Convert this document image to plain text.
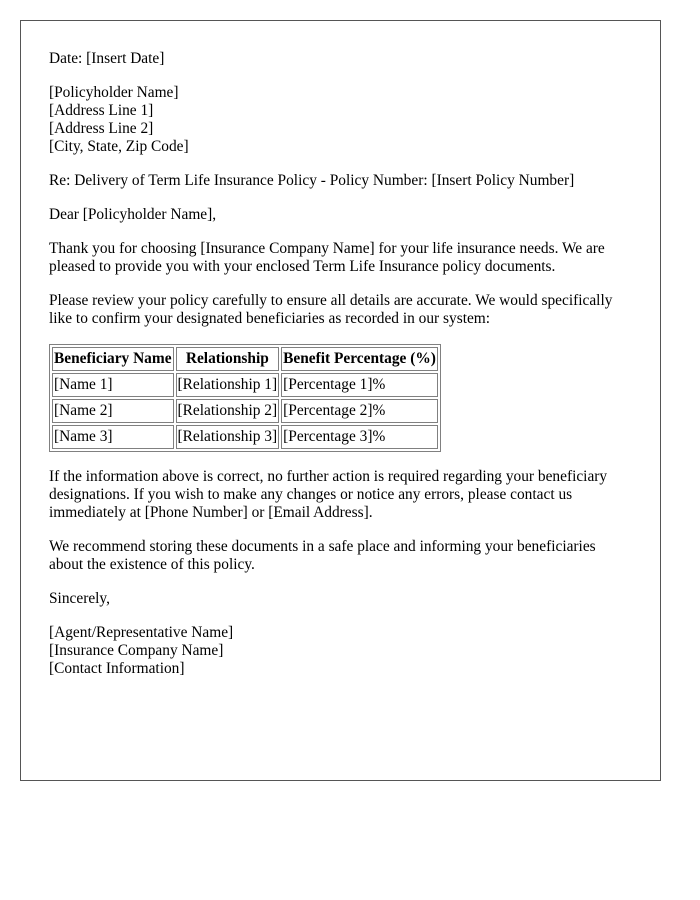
Date: [Insert Date]

[Policyholder Name]
[Address Line 1]
[Address Line 2]
[City, State, Zip Code]

Re: Delivery of Term Life Insurance Policy - Policy Number: [Insert Policy Number]

Dear [Policyholder Name],

Thank you for choosing [Insurance Company Name] for your life insurance needs. We are pleased to provide you with your enclosed Term Life Insurance policy documents.

Please review your policy carefully to ensure all details are accurate. We would specifically like to confirm your designated beneficiaries as recorded in our system:

Beneficiary Name	Relationship	Benefit Percentage (%)
[Name 1]	[Relationship 1]	[Percentage 1]%
[Name 2]	[Relationship 2]	[Percentage 2]%
[Name 3]	[Relationship 3]	[Percentage 3]%

If the information above is correct, no further action is required regarding your beneficiary designations. If you wish to make any changes or notice any errors, please contact us immediately at [Phone Number] or [Email Address].

We recommend storing these documents in a safe place and informing your beneficiaries about the existence of this policy.

Sincerely,

[Agent/Representative Name]
[Insurance Company Name]
[Contact Information]
